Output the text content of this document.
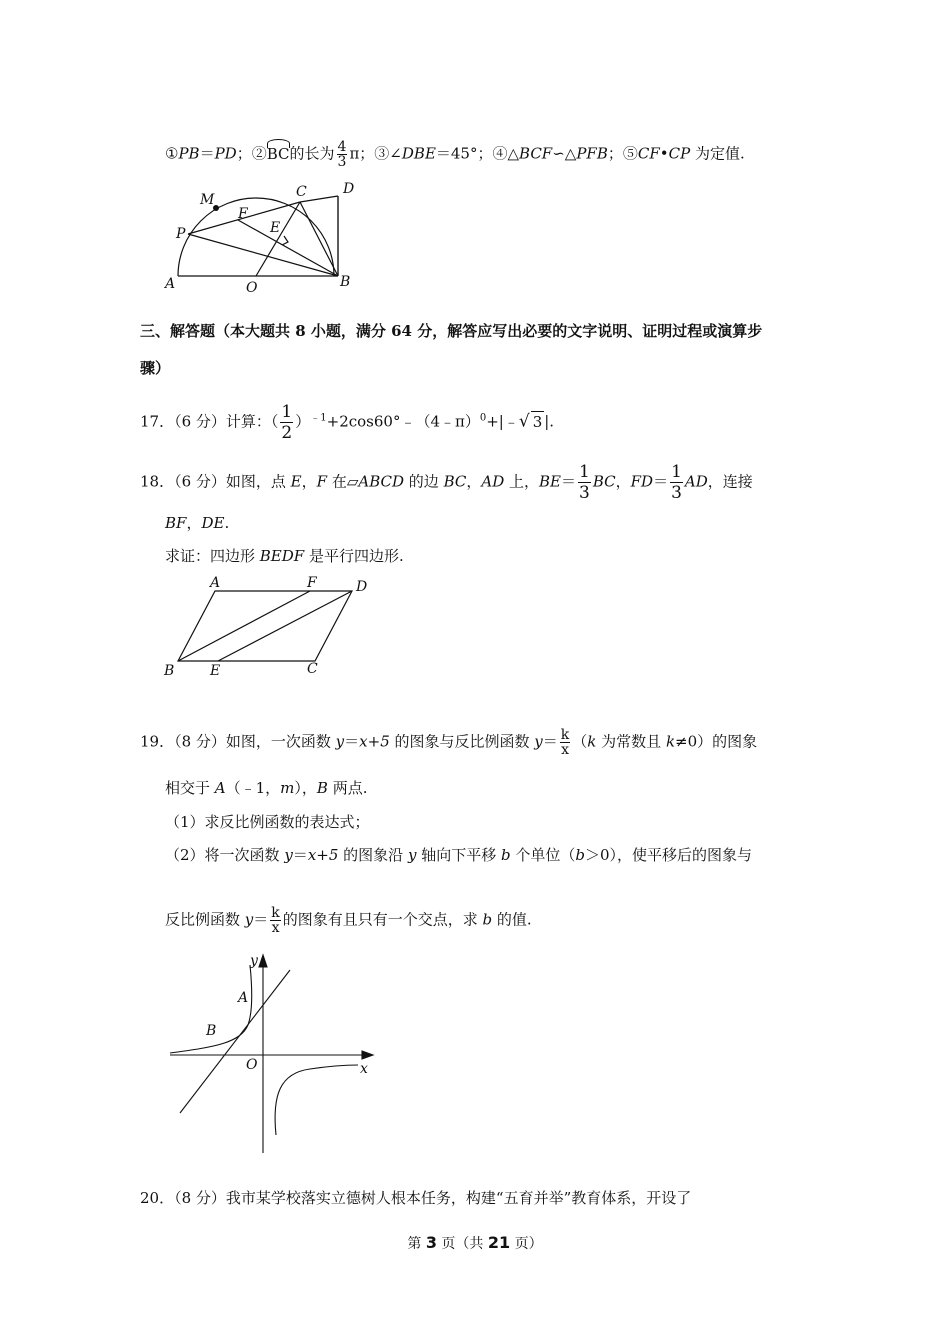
①PB＝PD；②BC的长为 $\frac{4}{3}$ π；③∠DBE＝45°；④△BCF∽△PFB；⑤CF•CP 为定值.
M	C	D
F
P	E
A	O	B
三、解答题（本大题共 8 小题，满分 64 分，解答应写出必要的文字说明、证明过程或演算步
骤）
17．（6 分）计算：（ $\frac{1}{2}$ ）$^{﹣1}$+2cos60°﹣（4﹣π）$^0$+|﹣√ 3 |.
18．（6 分）如图，点 E，F 在▱ABCD 的边 BC，AD 上，$BE= \frac{1}{3}$ BC，$FD= \frac{1}{3}$ AD，连接
BF，DE.
求证：四边形 BEDF 是平行四边形.
A	F	D
B	E	C
19．（8 分）如图，一次函数 y＝x+5 的图象与反比例函数 $y= \frac{k}{x} (k$ 为常数且 k≠0）的图象
相交于 A（﹣1，m），B 两点.
（1）求反比例函数的表达式；
（2）将一次函数 y＝x+5 的图象沿 y 轴向下平移 b 个单位（b＞0），使平移后的图象与
反比例函数 $y= \frac{k}{x}$ 的图象有且只有一个交点，求 b 的值.
y
A
B
O	x
20．（8 分）我市某学校落实立德树人根本任务，构建“五育并举”教育体系，开设了
第 3 页（共 21 页）
